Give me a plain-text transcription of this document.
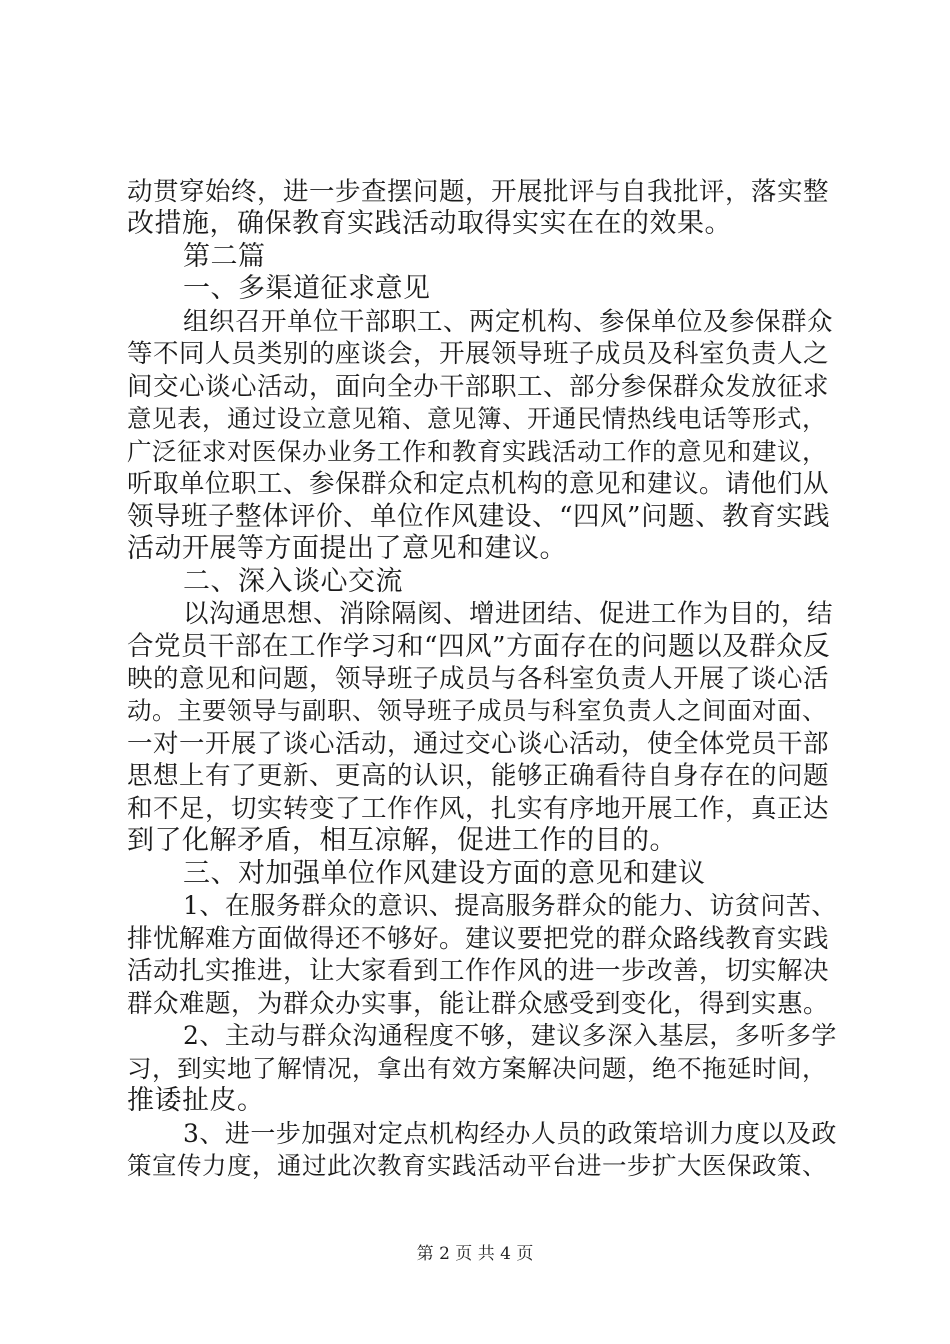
动贯穿始终，进一步查摆问题，开展批评与自我批评，落实整
改措施，确保教育实践活动取得实实在在的效果。
第二篇
一、多渠道征求意见
组织召开单位干部职工、两定机构、参保单位及参保群众
等不同人员类别的座谈会，开展领导班子成员及科室负责人之
间交心谈心活动，面向全办干部职工、部分参保群众发放征求
意见表，通过设立意见箱、意见簿、开通民情热线电话等形式，
广泛征求对医保办业务工作和教育实践活动工作的意见和建议，
听取单位职工、参保群众和定点机构的意见和建议。请他们从
领导班子整体评价、单位作风建设、“四风”问题、教育实践
活动开展等方面提出了意见和建议。
二、深入谈心交流
以沟通思想、消除隔阂、增进团结、促进工作为目的，结
合党员干部在工作学习和“四风”方面存在的问题以及群众反
映的意见和问题，领导班子成员与各科室负责人开展了谈心活
动。主要领导与副职、领导班子成员与科室负责人之间面对面、
一对一开展了谈心活动，通过交心谈心活动，使全体党员干部
思想上有了更新、更高的认识，能够正确看待自身存在的问题
和不足，切实转变了工作作风，扎实有序地开展工作，真正达
到了化解矛盾，相互凉解，促进工作的目的。
三、对加强单位作风建设方面的意见和建议
1、在服务群众的意识、提高服务群众的能力、访贫问苦、
排忧解难方面做得还不够好。建议要把党的群众路线教育实践
活动扎实推进，让大家看到工作作风的进一步改善，切实解决
群众难题，为群众办实事，能让群众感受到变化，得到实惠。
2、主动与群众沟通程度不够，建议多深入基层，多听多学
习，到实地了解情况，拿出有效方案解决问题，绝不拖延时间，
推诿扯皮。
3、进一步加强对定点机构经办人员的政策培训力度以及政
策宣传力度，通过此次教育实践活动平台进一步扩大医保政策、
第 2 页 共 4 页
